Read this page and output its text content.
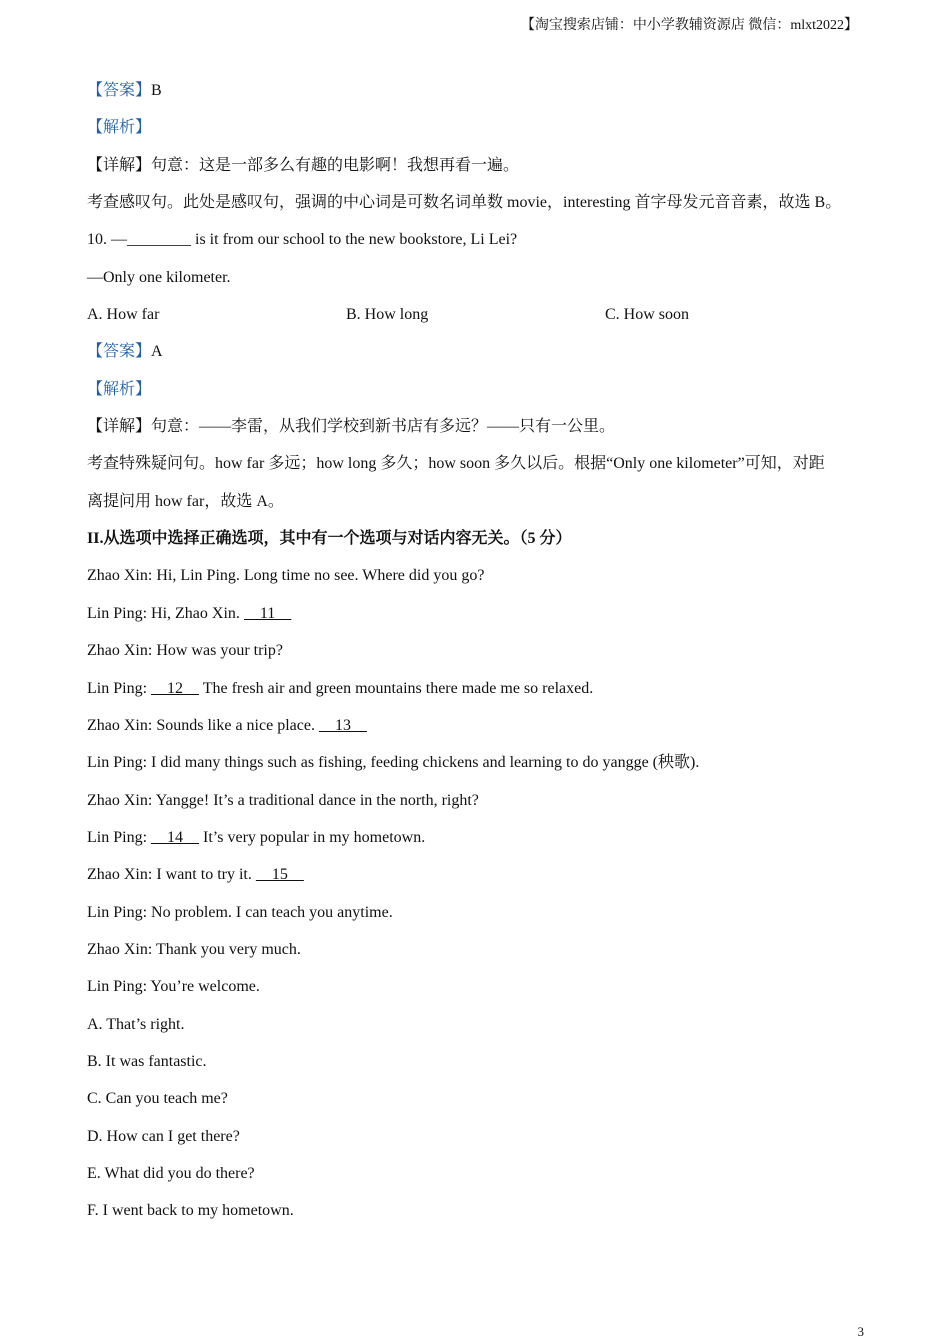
【淘宝搜索店铺：中小学教辅资源店 微信：mlxt2022】
【答案】B
【解析】
【详解】句意：这是一部多么有趣的电影啊！我想再看一遍。
考查感叹句。此处是感叹句，强调的中心词是可数名词单数 movie，interesting 首字母发元音音素，故选 B。
10. —________ is it from our school to the new bookstore, Li Lei?
—Only one kilometer.
A. How far	B. How long	C. How soon
【答案】A
【解析】
【详解】句意：——李雷，从我们学校到新书店有多远？——只有一公里。
考查特殊疑问句。how far 多远；how long 多久；how soon 多久以后。根据“Only one kilometer”可知，对距
离提问用 how far，故选 A。
II.从选项中选择正确选项，其中有一个选项与对话内容无关。（5 分）
Zhao Xin: Hi, Lin Ping. Long time no see. Where did you go?
Lin Ping: Hi, Zhao Xin.     11
Zhao Xin: How was your trip?
Lin Ping:     12     The fresh air and green mountains there made me so relaxed.
Zhao Xin: Sounds like a nice place.     13
Lin Ping: I did many things such as fishing, feeding chickens and learning to do yangge (秧歌).
Zhao Xin: Yangge! It’s a traditional dance in the north, right?
Lin Ping:     14     It’s very popular in my hometown.
Zhao Xin: I want to try it.     15
Lin Ping: No problem. I can teach you anytime.
Zhao Xin: Thank you very much.
Lin Ping: You’re welcome.
A. That’s right.
B. It was fantastic.
C. Can you teach me?
D. How can I get there?
E. What did you do there?
F. I went back to my hometown.
3
